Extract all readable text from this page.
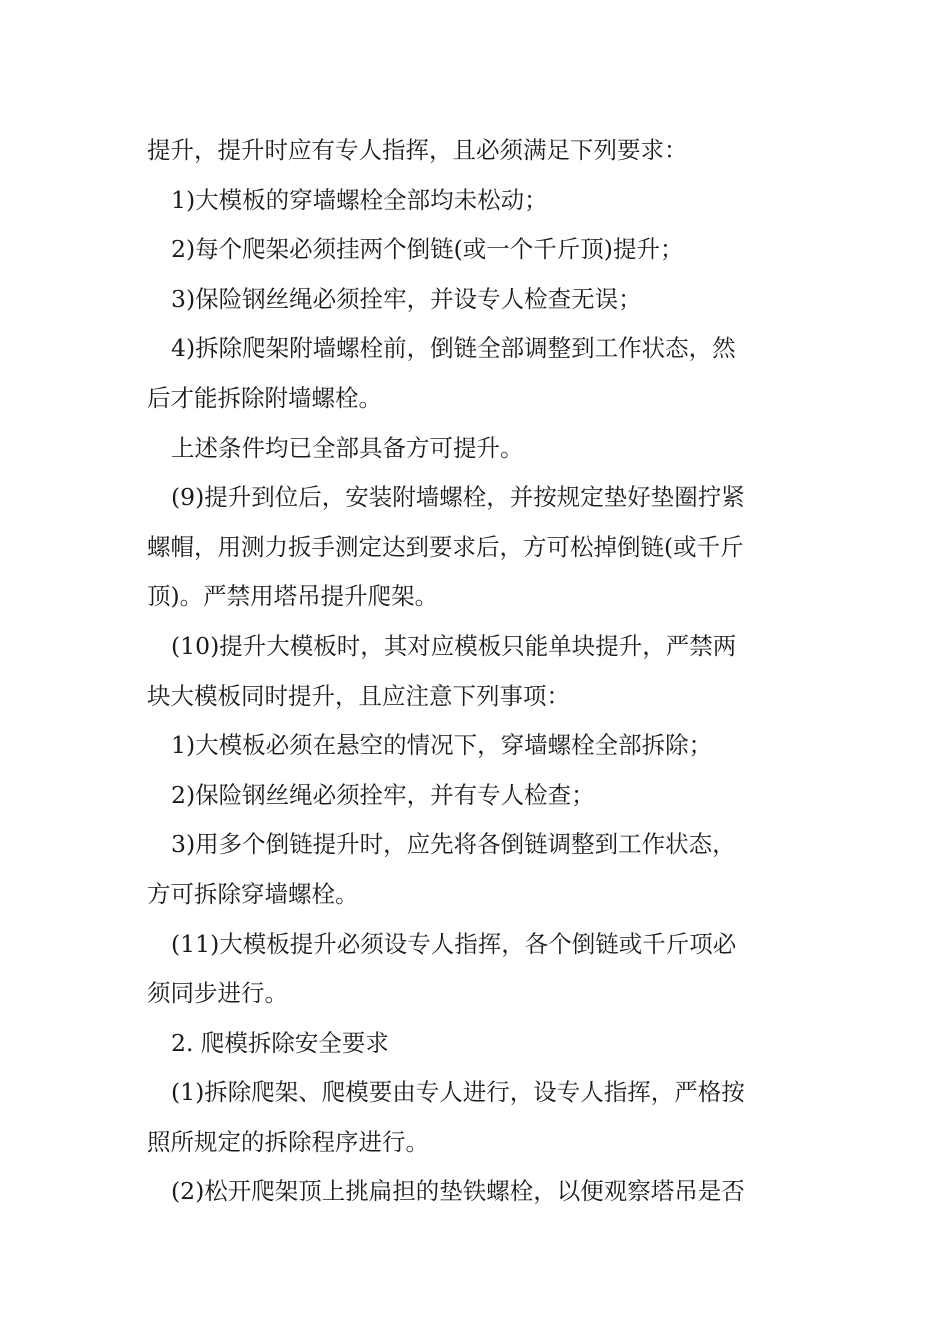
提升，提升时应有专人指挥，且必须满足下列要求：

1)大模板的穿墙螺栓全部均未松动；

2)每个爬架必须挂两个倒链(或一个千斤顶)提升；

3)保险钢丝绳必须拴牢，并设专人检查无误；

4)拆除爬架附墙螺栓前，倒链全部调整到工作状态，然
后才能拆除附墙螺栓。

上述条件均已全部具备方可提升。

(9)提升到位后，安装附墙螺栓，并按规定垫好垫圈拧紧
螺帽，用测力扳手测定达到要求后，方可松掉倒链(或千斤
顶)。严禁用塔吊提升爬架。

(10)提升大模板时，其对应模板只能单块提升，严禁两
块大模板同时提升，且应注意下列事项：

1)大模板必须在悬空的情况下，穿墙螺栓全部拆除；

2)保险钢丝绳必须拴牢，并有专人检查；

3)用多个倒链提升时，应先将各倒链调整到工作状态，
方可拆除穿墙螺栓。

(11)大模板提升必须设专人指挥，各个倒链或千斤项必
须同步进行。

2. 爬模拆除安全要求

(1)拆除爬架、爬模要由专人进行，设专人指挥，严格按
照所规定的拆除程序进行。

(2)松开爬架顶上挑扁担的垫铁螺栓，以便观察塔吊是否
